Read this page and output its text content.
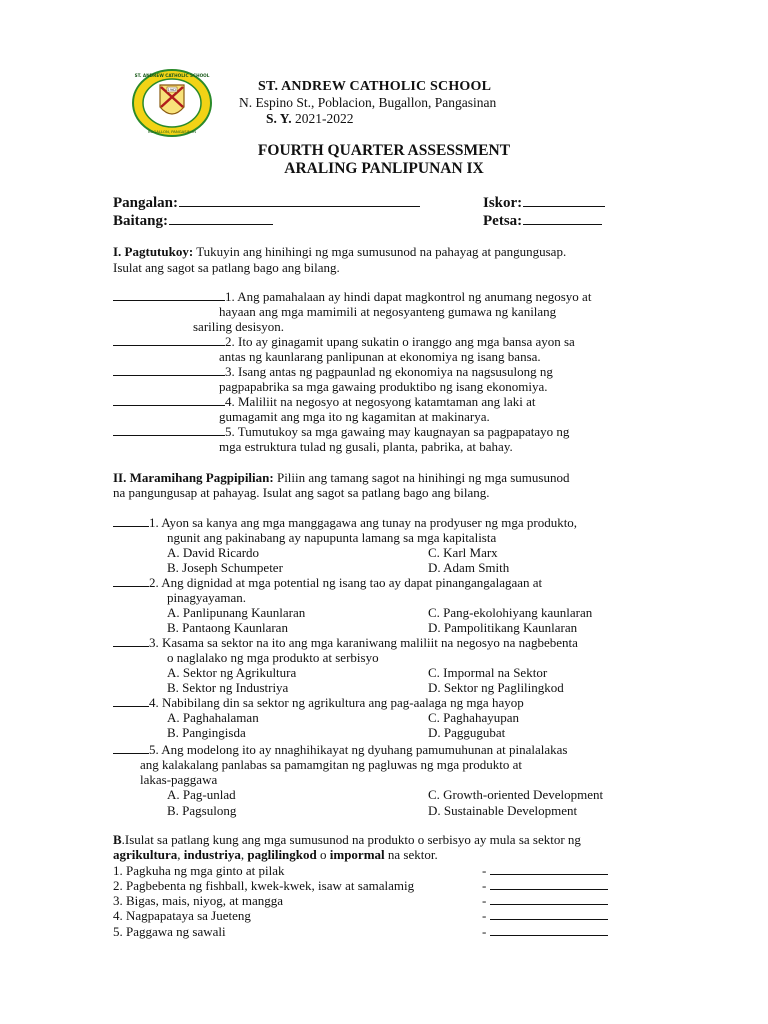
1962
ST. ANDREW CATHOLIC SCHOOL
BUGALLON, PANGASINAN
ST. ANDREW CATHOLIC SCHOOL
N. Espino St., Poblacion, Bugallon, Pangasinan
S. Y. 2021-2022
FOURTH QUARTER ASSESSMENT
ARALING PANLIPUNAN IX
Pangalan:	Iskor:
Baitang:	Petsa:
I. Pagtutukoy: Tukuyin ang hinihingi ng mga sumusunod na pahayag at pangungusap.
Isulat ang sagot sa patlang bago ang bilang.
1. Ang pamahalaan ay hindi dapat magkontrol ng anumang negosyo at
hayaan ang mga mamimili at negosyanteng gumawa ng kanilang
sariling desisyon.
2. Ito ay ginagamit upang sukatin o iranggo ang mga bansa ayon sa
antas ng kaunlarang panlipunan at ekonomiya ng isang bansa.
3. Isang antas ng pagpaunlad ng ekonomiya na nagsusulong ng
pagpapabrika sa mga gawaing produktibo ng isang ekonomiya.
4. Maliliit na negosyo at negosyong katamtaman ang laki at
gumagamit ang mga ito ng kagamitan at makinarya.
5. Tumutukoy sa mga gawaing may kaugnayan sa pagpapatayo ng
mga estruktura tulad ng gusali, planta, pabrika, at bahay.
II. Maramihang Pagpipilian: Piliin ang tamang sagot na hinihingi ng mga sumusunod
na pangungusap at pahayag. Isulat ang sagot sa patlang bago ang bilang.
1. Ayon sa kanya ang mga manggagawa ang tunay na prodyuser ng mga produkto,
ngunit ang pakinabang ay napupunta lamang sa mga kapitalista
A. David Ricardo	C. Karl Marx
B. Joseph Schumpeter	D. Adam Smith
2. Ang dignidad at mga potential ng isang tao ay dapat pinangangalagaan at
pinagyayaman.
A. Panlipunang Kaunlaran	C. Pang-ekolohiyang kaunlaran
B. Pantaong Kaunlaran	D. Pampolitikang Kaunlaran
3. Kasama sa sektor na ito ang mga karaniwang maliliit na negosyo na nagbebenta
o naglalako ng mga produkto at serbisyo
A. Sektor ng Agrikultura	C. Impormal na Sektor
B. Sektor ng Industriya	D. Sektor ng Paglilingkod
4. Nabibilang din sa sektor ng agrikultura ang pag-aalaga ng mga hayop
A. Paghahalaman	C. Paghahayupan
B. Pangingisda	D. Paggugubat
5. Ang modelong ito ay nnaghihikayat ng dyuhang pamumuhunan at pinalalakas
ang kalakalang panlabas sa pamamgitan ng pagluwas ng mga produkto at
lakas-paggawa
A. Pag-unlad	C. Growth-oriented Development
B. Pagsulong	D. Sustainable Development
B.Isulat sa patlang kung ang mga sumusunod na produkto o serbisyo ay mula sa sektor ng
agrikultura, industriya, paglilingkod o impormal na sektor.
1. Pagkuha ng mga ginto at pilak	-
2. Pagbebenta ng fishball, kwek-kwek, isaw at samalamig	-
3. Bigas, mais, niyog, at mangga	-
4. Nagpapataya sa Jueteng	-
5. Paggawa ng sawali	-
